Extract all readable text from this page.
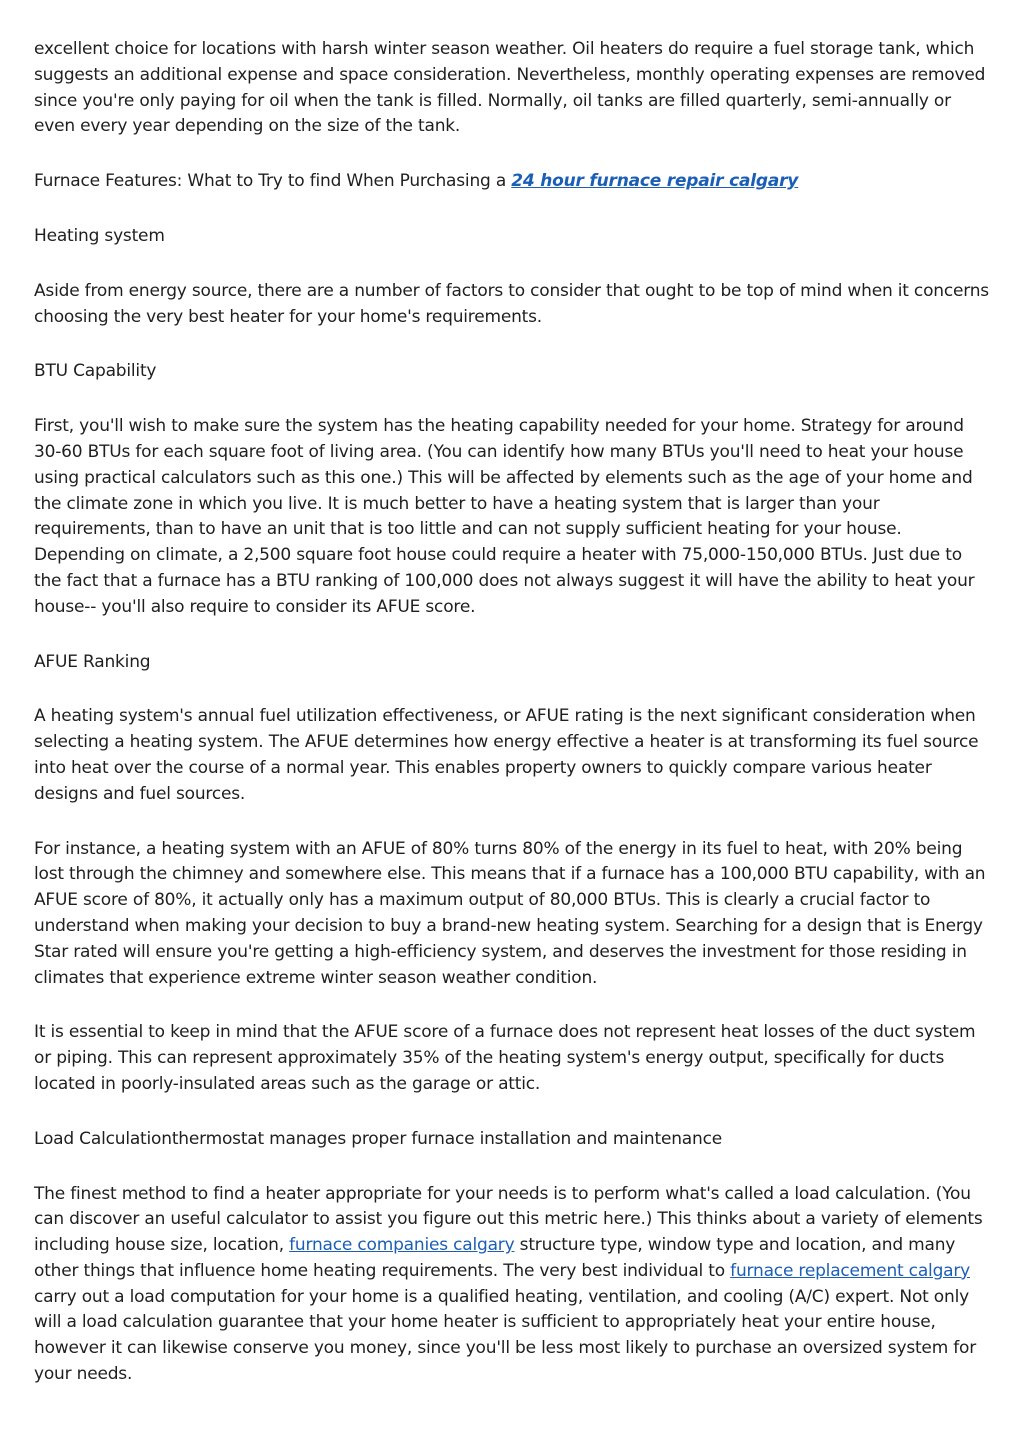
excellent choice for locations with harsh winter season weather. Oil heaters do require a fuel storage tank, which suggests an additional expense and space consideration. Nevertheless, monthly operating expenses are removed since you're only paying for oil when the tank is filled. Normally, oil tanks are filled quarterly, semi-annually or even every year depending on the size of the tank.

Furnace Features: What to Try to find When Purchasing a 24 hour furnace repair calgary

Heating system

Aside from energy source, there are a number of factors to consider that ought to be top of mind when it concerns choosing the very best heater for your home's requirements.

BTU Capability

First, you'll wish to make sure the system has the heating capability needed for your home. Strategy for around 30-60 BTUs for each square foot of living area. (You can identify how many BTUs you'll need to heat your house using practical calculators such as this one.) This will be affected by elements such as the age of your home and the climate zone in which you live. It is much better to have a heating system that is larger than your requirements, than to have an unit that is too little and can not supply sufficient heating for your house. Depending on climate, a 2,500 square foot house could require a heater with 75,000-150,000 BTUs. Just due to the fact that a furnace has a BTU ranking of 100,000 does not always suggest it will have the ability to heat your house-- you'll also require to consider its AFUE score.

AFUE Ranking

A heating system's annual fuel utilization effectiveness, or AFUE rating is the next significant consideration when selecting a heating system. The AFUE determines how energy effective a heater is at transforming its fuel source into heat over the course of a normal year. This enables property owners to quickly compare various heater designs and fuel sources.

For instance, a heating system with an AFUE of 80% turns 80% of the energy in its fuel to heat, with 20% being lost through the chimney and somewhere else. This means that if a furnace has a 100,000 BTU capability, with an AFUE score of 80%, it actually only has a maximum output of 80,000 BTUs. This is clearly a crucial factor to understand when making your decision to buy a brand-new heating system. Searching for a design that is Energy Star rated will ensure you're getting a high-efficiency system, and deserves the investment for those residing in climates that experience extreme winter season weather condition.

It is essential to keep in mind that the AFUE score of a furnace does not represent heat losses of the duct system or piping. This can represent approximately 35% of the heating system's energy output, specifically for ducts located in poorly-insulated areas such as the garage or attic.

Load Calculationthermostat manages proper furnace installation and maintenance

The finest method to find a heater appropriate for your needs is to perform what's called a load calculation. (You can discover an useful calculator to assist you figure out this metric here.) This thinks about a variety of elements including house size, location, furnace companies calgary structure type, window type and location, and many other things that influence home heating requirements. The very best individual to furnace replacement calgary carry out a load computation for your home is a qualified heating, ventilation, and cooling (A/C) expert. Not only will a load calculation guarantee that your home heater is sufficient to appropriately heat your entire house, however it can likewise conserve you money, since you'll be less most likely to purchase an oversized system for your needs.
